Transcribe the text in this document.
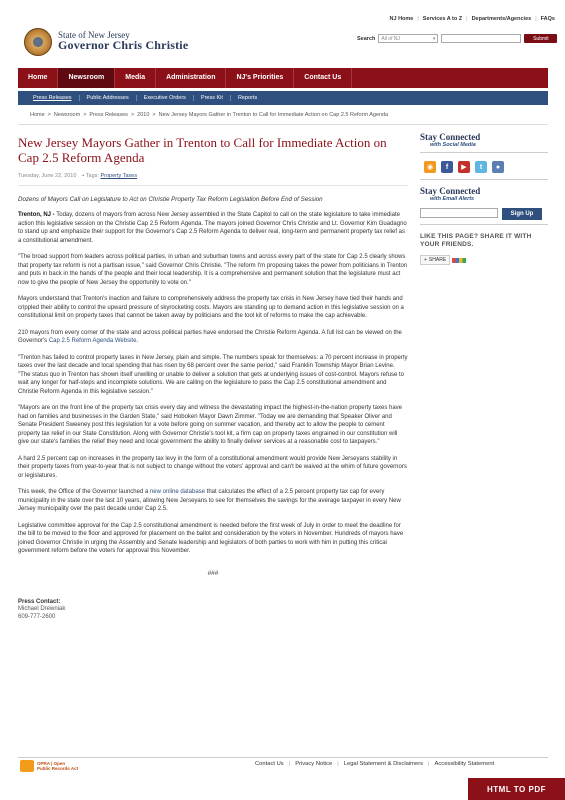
NJ Home | Services A to Z | Departments/Agencies | FAQs
State of New Jersey
Governor Chris Christie	Search All of NJ	▾	Submit
Home	Newsroom	Media	Administration	NJ's Priorities	Contact Us
Press Releases	Public Addresses	Executive Orders	Press Kit	Reports
Home > Newsroom > Press Releases > 2010 > New Jersey Mayors Gather in Trenton to Call for Immediate Action on Cap 2.5 Reform Agenda
New Jersey Mayors Gather in Trenton to Call for Immediate Action on Cap 2.5 Reform Agenda
Tuesday, June 22, 2010 ▪ Tags: Property Taxes
Dozens of Mayors Call on Legislature to Act on Christie Property Tax Reform Legislation Before End of Session

Trenton, NJ - Today, dozens of mayors from across New Jersey assembled in the State Capitol to call on the state legislature to take immediate action this legislative session on the Christie Cap 2.5 Reform Agenda. The mayors joined Governor Chris Christie and Lt. Governor Kim Guadagno to stand up and emphasize their support for the Governor's Cap 2.5 Reform Agenda to deliver real, long-term and permanent property tax relief as a constitutional amendment.

"The broad support from leaders across political parties, in urban and suburban towns and across every part of the state for Cap 2.5 clearly shows that property tax reform is not a partisan issue," said Governor Chris Christie. "The reform I'm proposing takes the power from politicians in Trenton and puts in back in the hands of the people and their local leadership. It is a comprehensive and permanent solution that the legislature must act now to give the people of New Jersey the opportunity to vote on."

Mayors understand that Trenton's inaction and failure to comprehensively address the property tax crisis in New Jersey have tied their hands and crippled their ability to control the upward pressure of skyrocketing costs. Mayors are standing up to demand action in this legislative session on a constitutional limit on property taxes that cannot be taken away by politicians and the tool kit of reforms to make the cap achievable.

210 mayors from every corner of the state and across political parties have endorsed the Christie Reform Agenda. A full list can be viewed on the Governor's Cap 2.5 Reform Agenda Website.

"Trenton has failed to control property taxes in New Jersey, plain and simple. The numbers speak for themselves: a 70 percent increase in property taxes over the last decade and local spending that has risen by 68 percent over the same period," said Franklin Township Mayor Brian Levine. "The status quo in Trenton has shown itself unwilling or unable to deliver a solution that gets at underlying issues of cost-control. Mayors refuse to wait any longer for half-steps and incomplete solutions. We are calling on the legislature to pass the Cap 2.5 constitutional amendment and Christie Reform Agenda in this legislative session."

"Mayors are on the front line of the property tax crisis every day and witness the devastating impact the highest-in-the-nation property taxes have had on families and businesses in the Garden State," said Hoboken Mayor Dawn Zimmer. "Today we are demanding that Speaker Oliver and Senate President Sweeney post this legislation for a vote before going on summer vacation, and thereby act to allow the people to cement property tax relief in our State Constitution. Along with Governor Christie's tool kit, a firm cap on property taxes engrained in our constitution will give our state's families the relief they need and local government the ability to finally deliver services at a reasonable cost to taxpayers."

A hard 2.5 percent cap on increases in the property tax levy in the form of a constitutional amendment would provide New Jerseyans stability in their property taxes from year-to-year that is not subject to change without the voters' approval and can't be waived at the whim of future governors or legislatures.

This week, the Office of the Governor launched a new online database that calculates the effect of a 2.5 percent property tax cap for every municipality in the state over the last 10 years, allowing New Jerseyans to see for themselves the savings for the average taxpayer in every New Jersey municipality over the past decade under Cap 2.5.

Legislative committee approval for the Cap 2.5 constitutional amendment is needed before the first week of July in order to meet the deadline for the bill to be moved to the floor and approved for placement on the ballot and consideration by the voters in November. Hundreds of mayors have joined Governor Christie in urging the Assembly and Senate leadership and legislators of both parties to work with him in putting this critical government reform before the voters for approval this November.

###
Press Contact:
Michael Drewniak
609-777-2600
Stay Connected
with Social Media
◉	f	▶	t	●
Stay Connected
with Email Alerts
Sign Up
LIKE THIS PAGE? SHARE IT WITH YOUR FRIENDS.
+ SHARE
OPRA | Open
Public Records Act
Contact Us | Privacy Notice | Legal Statement & Disclaimers | Accessibility Statement
HTML TO PDF
